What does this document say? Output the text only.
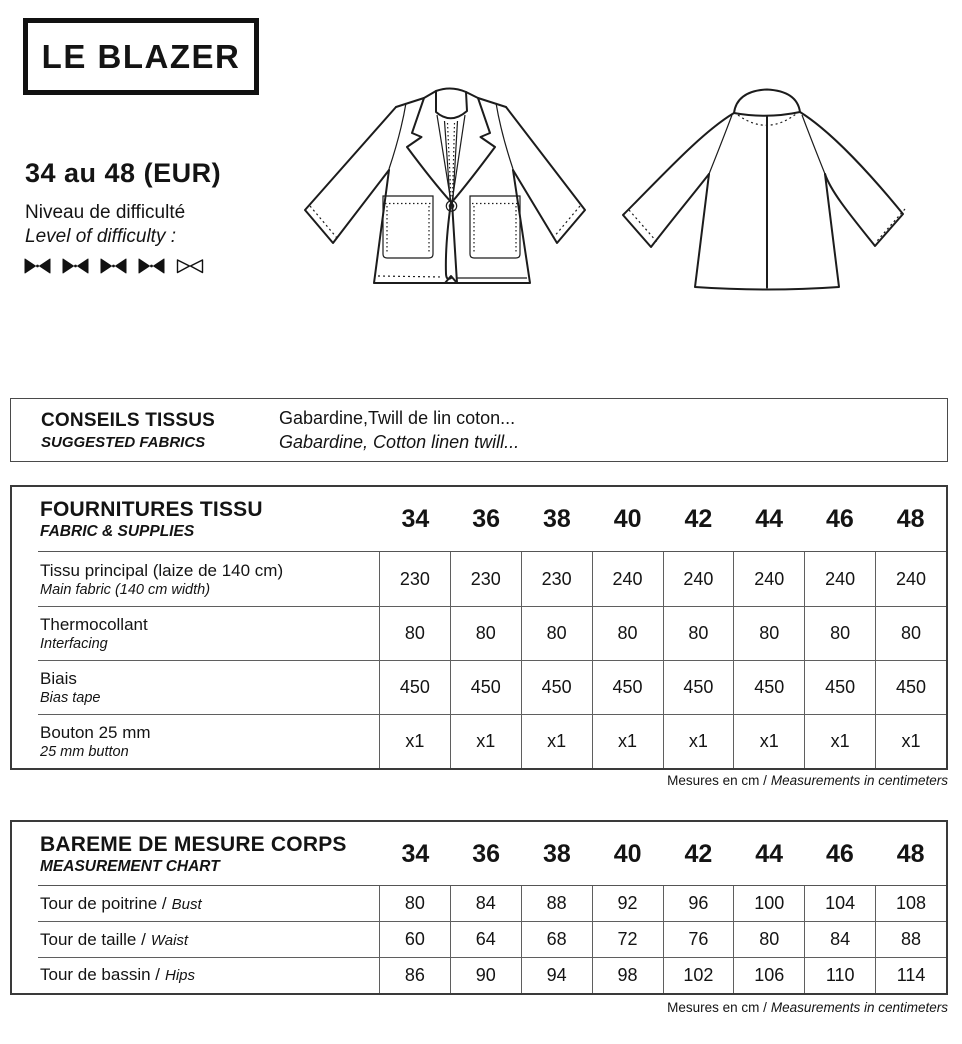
LE BLAZER
34 au 48 (EUR)
Niveau de difficulté
Level of difficulty :
CONSEILS TISSUS
SUGGESTED FABRICS
Gabardine,Twill de lin coton...
Gabardine, Cotton linen twill...
FOURNITURES TISSU
FABRIC & SUPPLIES	34	36	38	40	42	44	46	48
Tissu principal (laize de 140 cm)
Main fabric (140 cm width)
230	230	230	240	240	240	240	240
Thermocollant
Interfacing
80	80	80	80	80	80	80	80
Biais
Bias tape
450	450	450	450	450	450	450	450
Bouton 25 mm
25 mm button
x1	x1	x1	x1	x1	x1	x1	x1
Mesures en cm / Measurements in centimeters
BAREME DE MESURE CORPS
MEASUREMENT CHART	34	36	38	40	42	44	46	48
Tour de poitrine / Bust	80	84	88	92	96	100	104	108
Tour de taille / Waist	60	64	68	72	76	80	84	88
Tour de bassin / Hips	86	90	94	98	102	106	110	114
Mesures en cm / Measurements in centimeters
